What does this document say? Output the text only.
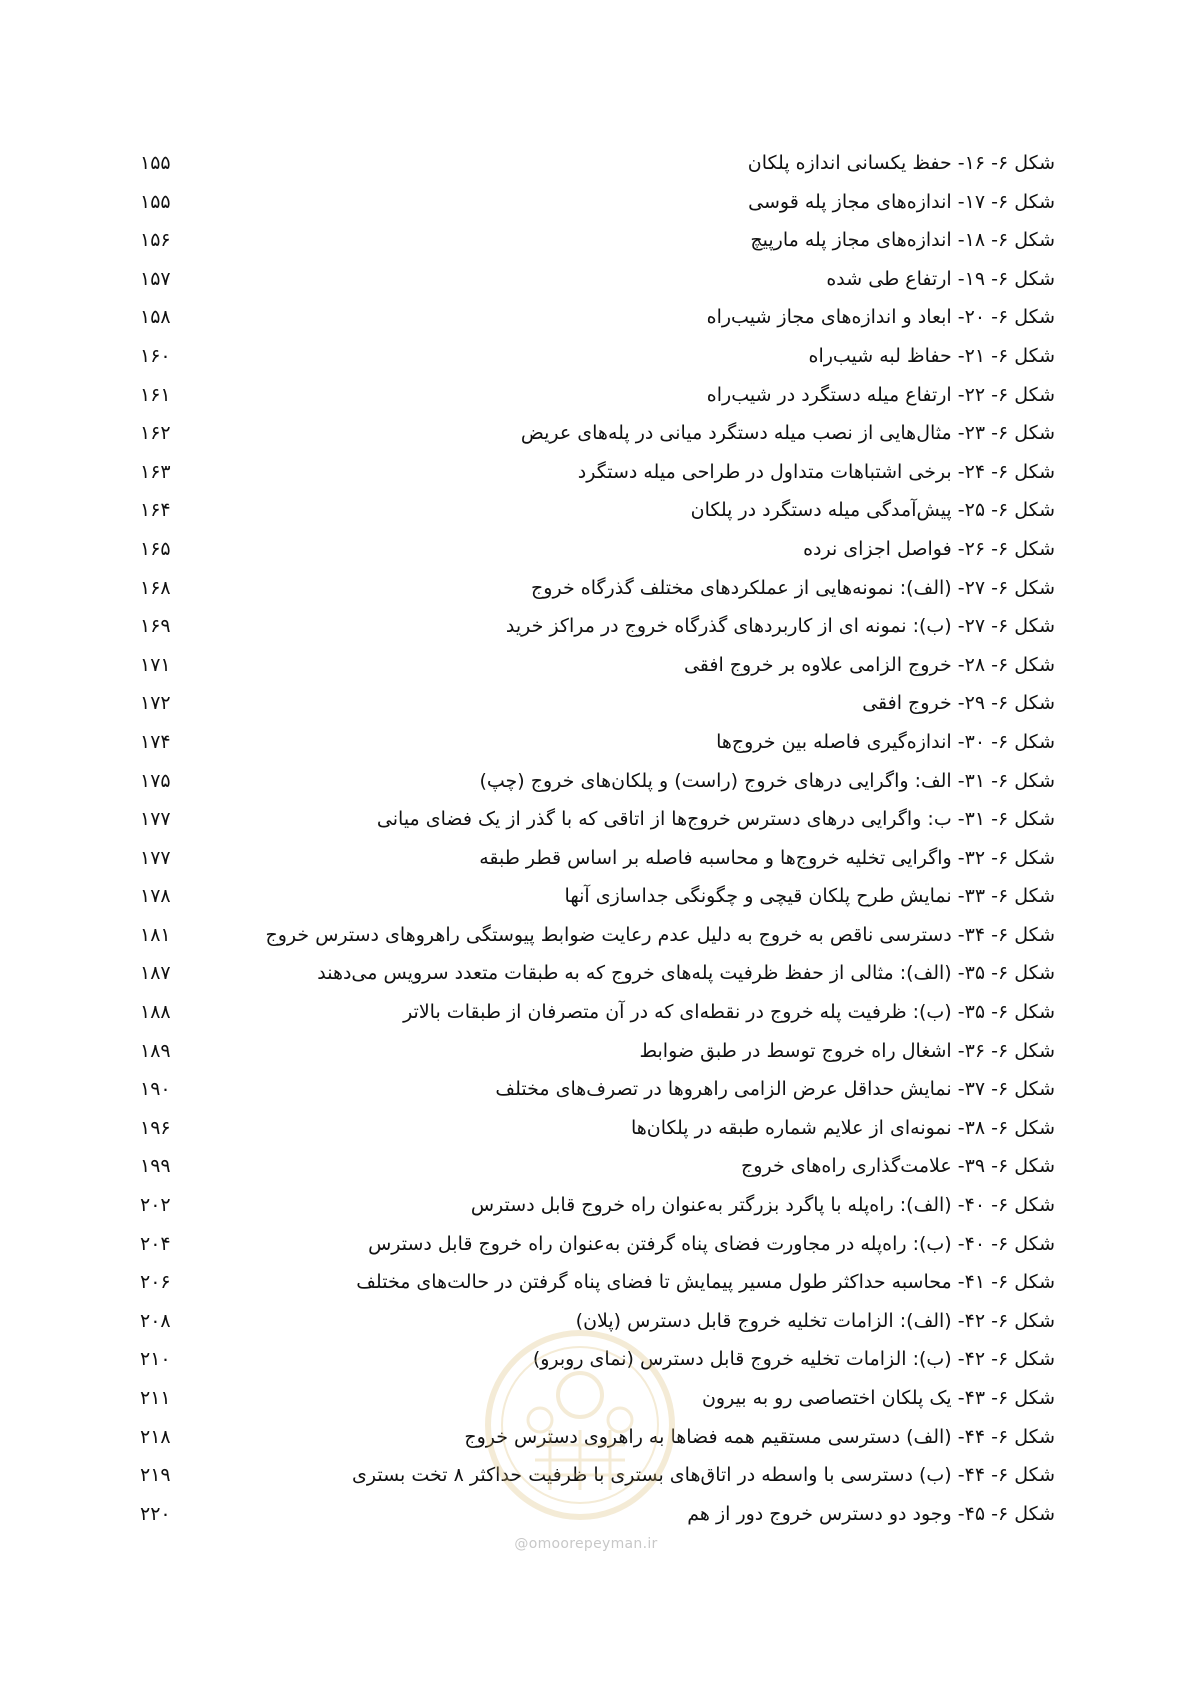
شکل ۶- ۱۶- حفظ یکسانی اندازه پلکان
۱۵۵
شکل ۶- ۱۷- اندازه‌های مجاز پله قوسی
۱۵۵
شکل ۶- ۱۸- اندازه‌های مجاز پله مارپیچ
۱۵۶
شکل ۶- ۱۹- ارتفاع طی شده
۱۵۷
شکل ۶- ۲۰- ابعاد و اندازه‌های مجاز شیب‌راه
۱۵۸
شکل ۶- ۲۱- حفاظ لبه شیب‌راه
۱۶۰
شکل ۶- ۲۲- ارتفاع میله دستگرد در شیب‌راه
۱۶۱
شکل ۶- ۲۳- مثال‌هایی از نصب میله دستگرد میانی در پله‌های عریض
۱۶۲
شکل ۶- ۲۴- برخی اشتباهات متداول در طراحی میله دستگرد
۱۶۳
شکل ۶- ۲۵- پیش‌آمدگی میله دستگرد در پلکان
۱۶۴
شکل ۶- ۲۶- فواصل اجزای نرده
۱۶۵
شکل ۶- ۲۷- (الف): نمونه‌هایی از عملکردهای مختلف گذرگاه خروج
۱۶۸
شکل ۶- ۲۷- (ب): نمونه ای از کاربردهای گذرگاه خروج در مراکز خرید
۱۶۹
شکل ۶- ۲۸- خروج الزامی علاوه بر خروج افقی
۱۷۱
شکل ۶- ۲۹- خروج افقی
۱۷۲
شکل ۶- ۳۰- اندازه‌گیری فاصله بین خروج‌ها
۱۷۴
شکل ۶- ۳۱- الف: واگرایی درهای خروج (راست) و پلکان‌های خروج (چپ)
۱۷۵
شکل ۶- ۳۱- ب: واگرایی درهای دسترس خروج‌ها از اتاقی که با گذر از یک فضای میانی
۱۷۷
شکل ۶- ۳۲- واگرایی تخلیه خروج‌ها و محاسبه فاصله بر اساس قطر طبقه
۱۷۷
شکل ۶- ۳۳- نمایش طرح پلکان قیچی و چگونگی جداسازی آنها
۱۷۸
شکل ۶- ۳۴- دسترسی ناقص به خروج به دلیل عدم رعایت ضوابط پیوستگی راهروهای دسترس خروج
۱۸۱
شکل ۶- ۳۵- (الف): مثالی از حفظ ظرفیت پله‌های خروج که به طبقات متعدد سرویس می‌دهند
۱۸۷
شکل ۶- ۳۵- (ب): ظرفیت پله خروج در نقطه‌ای که در آن متصرفان از طبقات بالاتر
۱۸۸
شکل ۶- ۳۶- اشغال راه خروج توسط در طبق ضوابط
۱۸۹
شکل ۶- ۳۷- نمایش حداقل عرض الزامی راهروها در تصرف‌های مختلف
۱۹۰
شکل ۶- ۳۸- نمونه‌ای از علایم شماره طبقه در پلکان‌ها
۱۹۶
شکل ۶- ۳۹- علامت‌گذاری راه‌های خروج
۱۹۹
شکل ۶- ۴۰- (الف): راه‌پله با پاگرد بزرگتر به‌عنوان راه خروج قابل دسترس
۲۰۲
شکل ۶- ۴۰- (ب): راه‌پله در مجاورت فضای پناه گرفتن به‌عنوان راه خروج قابل دسترس
۲۰۴
شکل ۶- ۴۱- محاسبه حداکثر طول مسیر پیمایش تا فضای پناه گرفتن در حالت‌های مختلف
۲۰۶
شکل ۶- ۴۲- (الف): الزامات تخلیه خروج قابل دسترس (پلان)
۲۰۸
شکل ۶- ۴۲- (ب): الزامات تخلیه خروج قابل دسترس (نمای روبرو)
۲۱۰
شکل ۶- ۴۳- یک پلکان اختصاصی رو به بیرون
۲۱۱
شکل ۶- ۴۴- (الف) دسترسی مستقیم همه فضاها به راهروی دسترس خروج
۲۱۸
شکل ۶- ۴۴- (ب) دسترسی با واسطه در اتاق‌های بستری با ظرفیت حداکثر ۸ تخت بستری
۲۱۹
شکل ۶- ۴۵- وجود دو دسترس خروج دور از هم
۲۲۰
@omoorepeyman.ir
